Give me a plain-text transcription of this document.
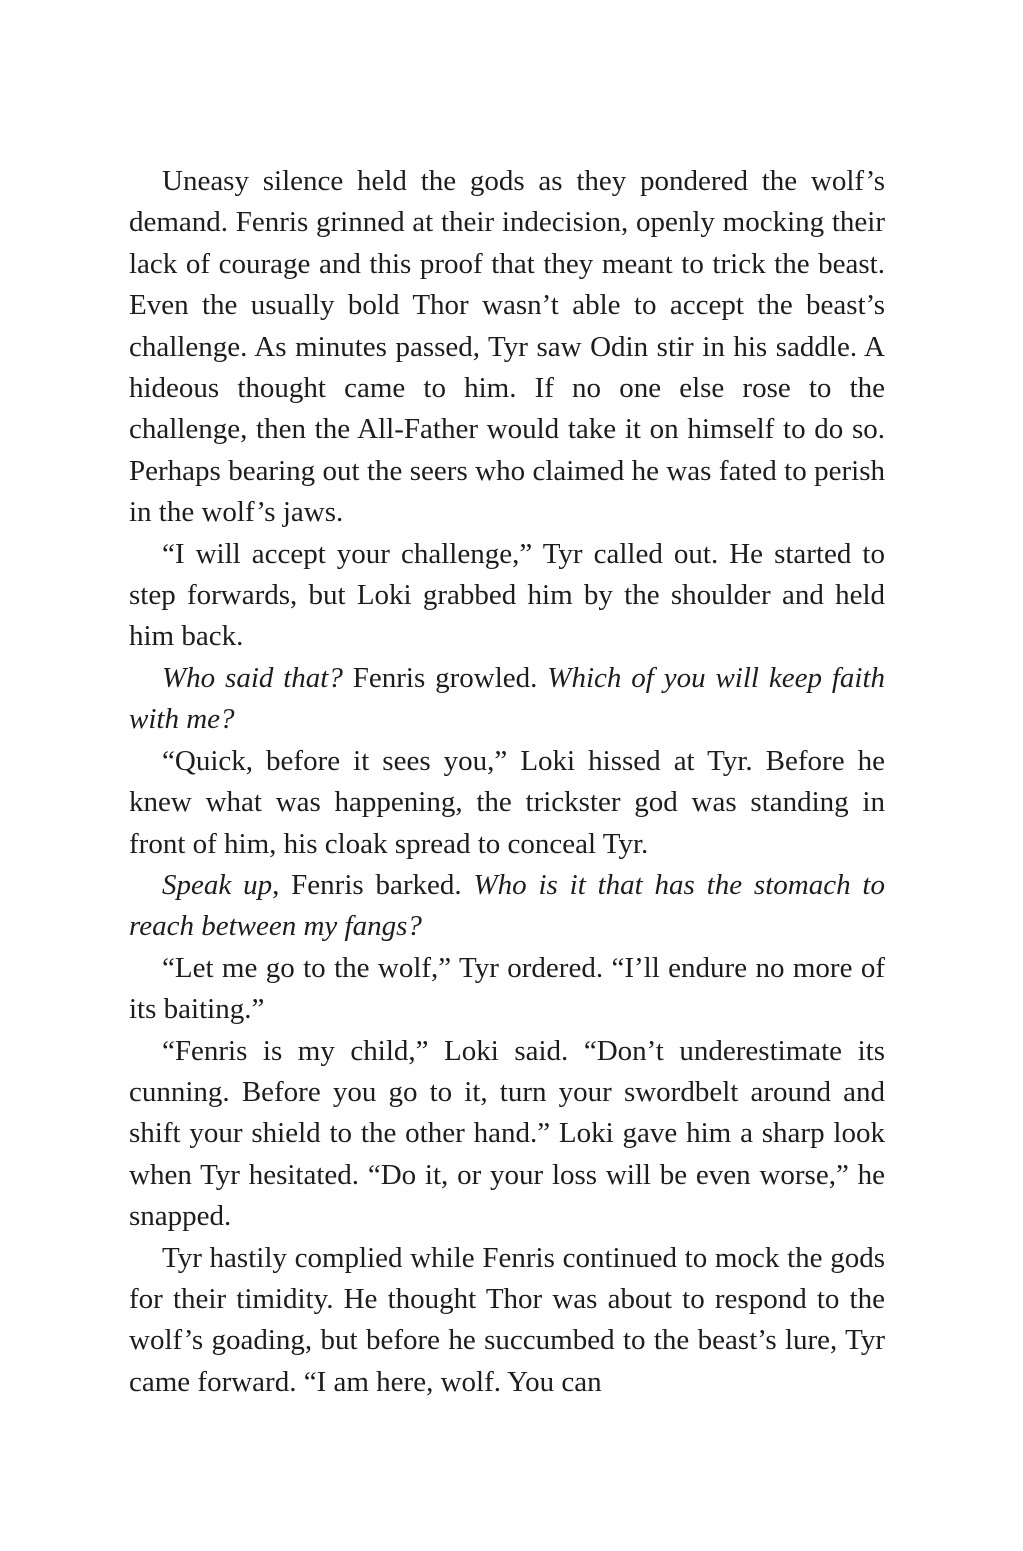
Uneasy silence held the gods as they pondered the wolf’s demand. Fenris grinned at their indecision, openly mocking their lack of courage and this proof that they meant to trick the beast. Even the usually bold Thor wasn’t able to accept the beast’s challenge. As minutes passed, Tyr saw Odin stir in his saddle. A hideous thought came to him. If no one else rose to the challenge, then the All-Father would take it on himself to do so. Perhaps bearing out the seers who claimed he was fated to perish in the wolf’s jaws.

“I will accept your challenge,” Tyr called out. He started to step forwards, but Loki grabbed him by the shoulder and held him back.

Who said that? Fenris growled. Which of you will keep faith with me?

“Quick, before it sees you,” Loki hissed at Tyr. Before he knew what was happening, the trickster god was standing in front of him, his cloak spread to conceal Tyr.

Speak up, Fenris barked. Who is it that has the stomach to reach between my fangs?

“Let me go to the wolf,” Tyr ordered. “I’ll endure no more of its baiting.”

“Fenris is my child,” Loki said. “Don’t underestimate its cunning. Before you go to it, turn your swordbelt around and shift your shield to the other hand.” Loki gave him a sharp look when Tyr hesitated. “Do it, or your loss will be even worse,” he snapped.

Tyr hastily complied while Fenris continued to mock the gods for their timidity. He thought Thor was about to respond to the wolf’s goading, but before he succumbed to the beast’s lure, Tyr came forward. “I am here, wolf. You can
